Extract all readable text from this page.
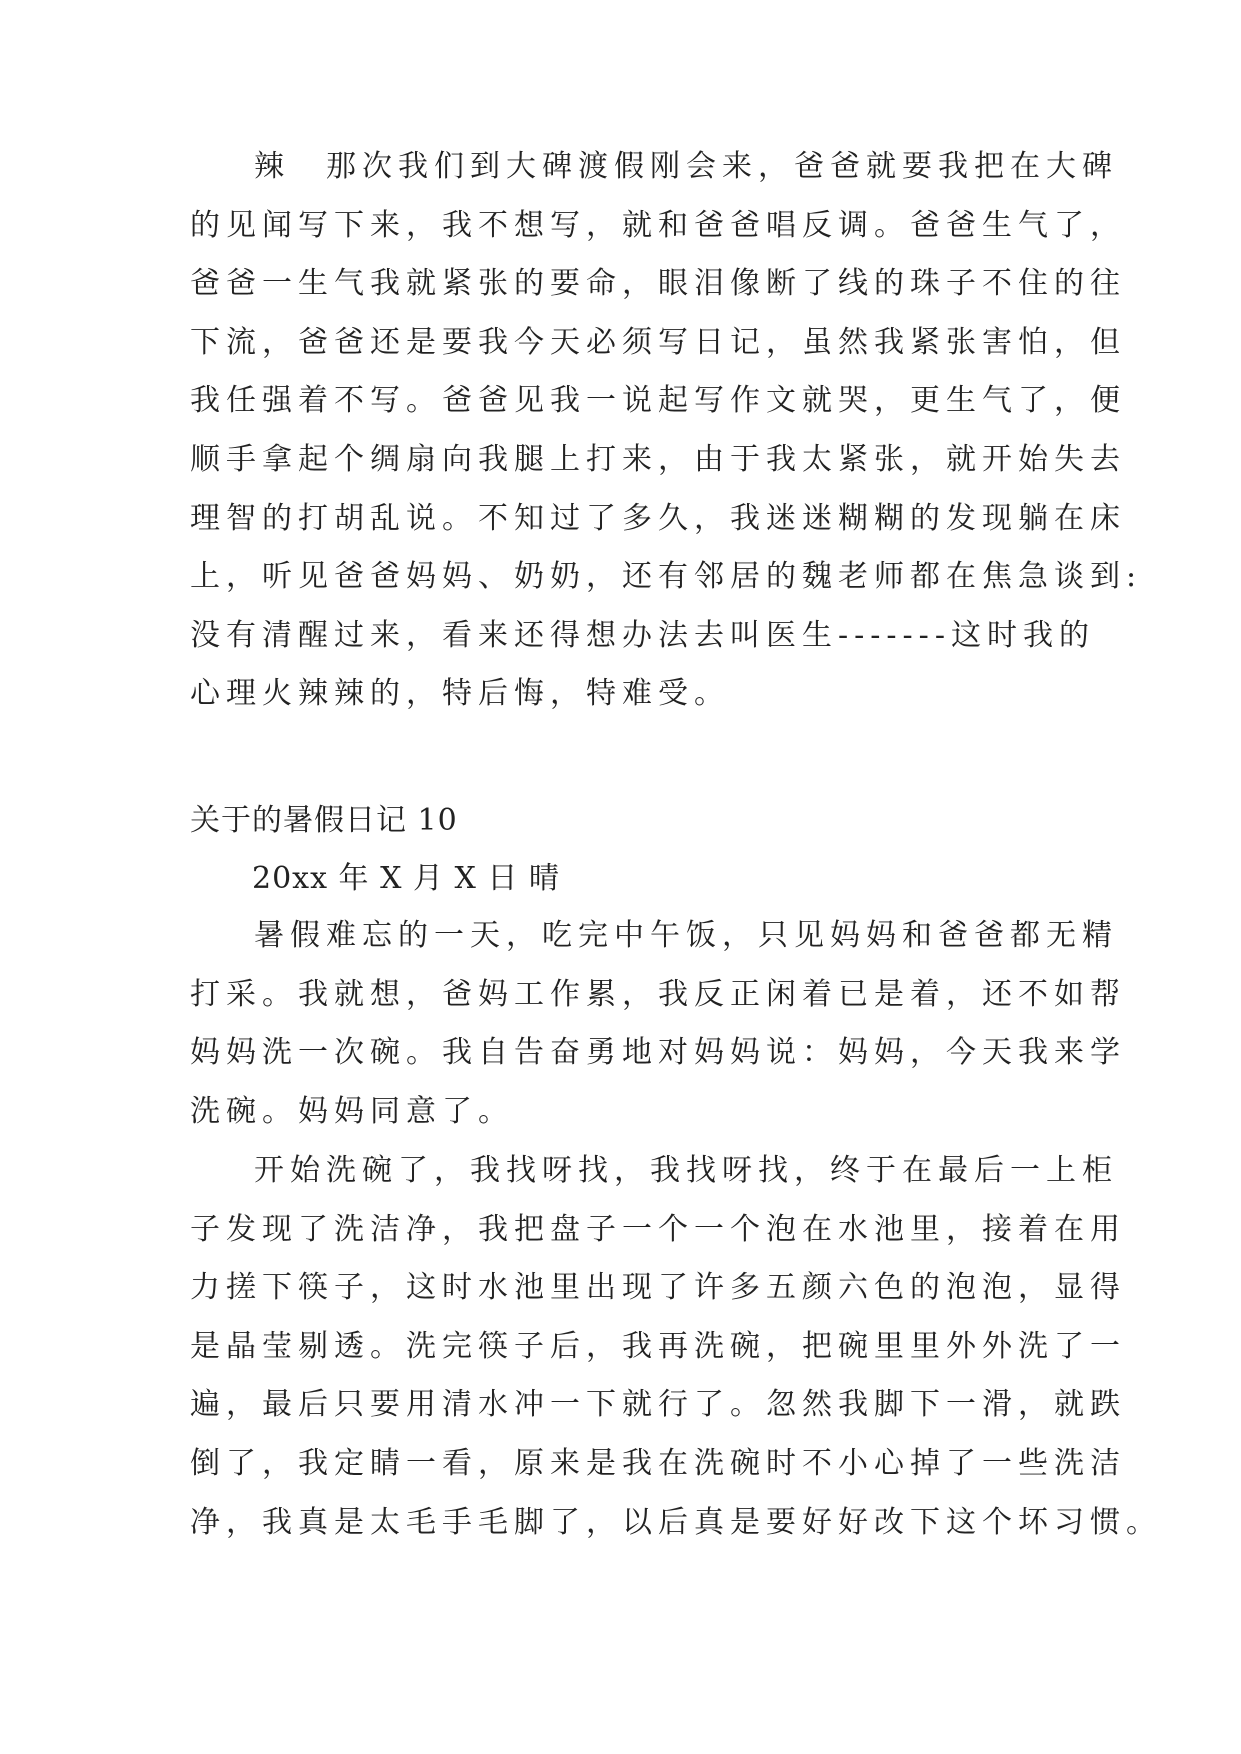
辣　那次我们到大碑渡假刚会来，爸爸就要我把在大碑
的见闻写下来，我不想写，就和爸爸唱反调。爸爸生气了，
爸爸一生气我就紧张的要命，眼泪像断了线的珠子不住的往
下流，爸爸还是要我今天必须写日记，虽然我紧张害怕，但
我任强着不写。爸爸见我一说起写作文就哭，更生气了，便
顺手拿起个绸扇向我腿上打来，由于我太紧张，就开始失去
理智的打胡乱说。不知过了多久，我迷迷糊糊的发现躺在床
上，听见爸爸妈妈、奶奶，还有邻居的魏老师都在焦急谈到:
没有清醒过来，看来还得想办法去叫医生-------这时我的
心理火辣辣的，特后悔，特难受。
关于的暑假日记 10
20xx 年 X 月 X 日 晴
暑假难忘的一天，吃完中午饭，只见妈妈和爸爸都无精
打采。我就想，爸妈工作累，我反正闲着已是着，还不如帮
妈妈洗一次碗。我自告奋勇地对妈妈说：妈妈，今天我来学
洗碗。妈妈同意了。
开始洗碗了，我找呀找，我找呀找，终于在最后一上柜
子发现了洗洁净，我把盘子一个一个泡在水池里，接着在用
力搓下筷子，这时水池里出现了许多五颜六色的泡泡，显得
是晶莹剔透。洗完筷子后，我再洗碗，把碗里里外外洗了一
遍，最后只要用清水冲一下就行了。忽然我脚下一滑，就跌
倒了，我定睛一看，原来是我在洗碗时不小心掉了一些洗洁
净，我真是太毛手毛脚了，以后真是要好好改下这个坏习惯。
